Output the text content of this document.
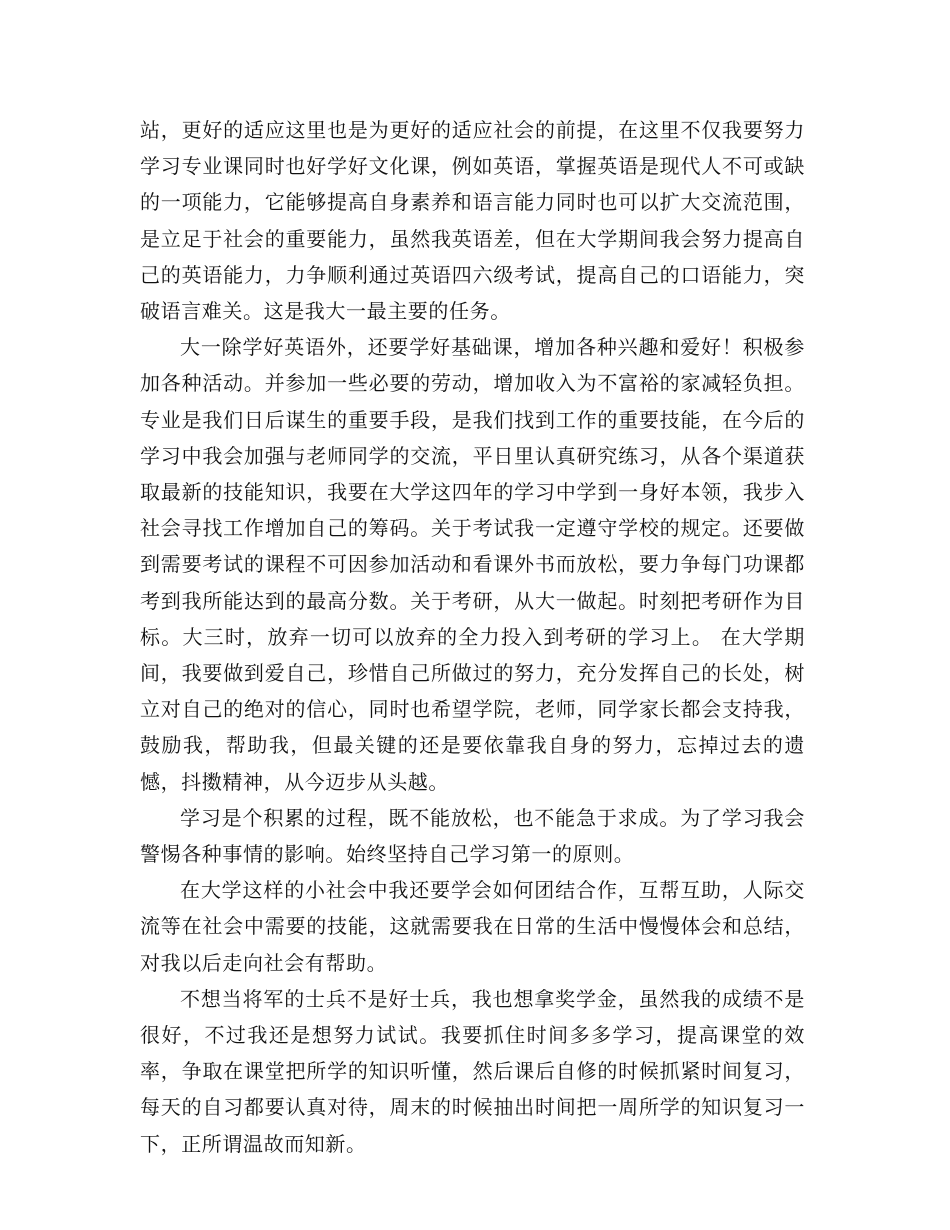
站，更好的适应这里也是为更好的适应社会的前提，在这里不仅我要努力学习专业课同时也好学好文化课，例如英语，掌握英语是现代人不可或缺的一项能力，它能够提高自身素养和语言能力同时也可以扩大交流范围，是立足于社会的重要能力，虽然我英语差，但在大学期间我会努力提高自己的英语能力，力争顺利通过英语四六级考试，提高自己的口语能力，突破语言难关。这是我大一最主要的任务。

大一除学好英语外，还要学好基础课，增加各种兴趣和爱好！积极参加各种活动。并参加一些必要的劳动，增加收入为不富裕的家减轻负担。专业是我们日后谋生的重要手段，是我们找到工作的重要技能，在今后的学习中我会加强与老师同学的交流，平日里认真研究练习，从各个渠道获取最新的技能知识，我要在大学这四年的学习中学到一身好本领，我步入社会寻找工作增加自己的筹码。关于考试我一定遵守学校的规定。还要做到需要考试的课程不可因参加活动和看课外书而放松，要力争每门功课都考到我所能达到的最高分数。关于考研，从大一做起。时刻把考研作为目标。大三时，放弃一切可以放弃的全力投入到考研的学习上。 在大学期间，我要做到爱自己，珍惜自己所做过的努力，充分发挥自己的长处，树立对自己的绝对的信心，同时也希望学院，老师，同学家长都会支持我，鼓励我，帮助我，但最关键的还是要依靠我自身的努力，忘掉过去的遗憾，抖擞精神，从今迈步从头越。

学习是个积累的过程，既不能放松，也不能急于求成。为了学习我会警惕各种事情的影响。始终坚持自己学习第一的原则。

在大学这样的小社会中我还要学会如何团结合作，互帮互助，人际交流等在社会中需要的技能，这就需要我在日常的生活中慢慢体会和总结，对我以后走向社会有帮助。

不想当将军的士兵不是好士兵，我也想拿奖学金，虽然我的成绩不是很好，不过我还是想努力试试。我要抓住时间多多学习，提高课堂的效率，争取在课堂把所学的知识听懂，然后课后自修的时候抓紧时间复习，每天的自习都要认真对待，周末的时候抽出时间把一周所学的知识复习一下，正所谓温故而知新。
